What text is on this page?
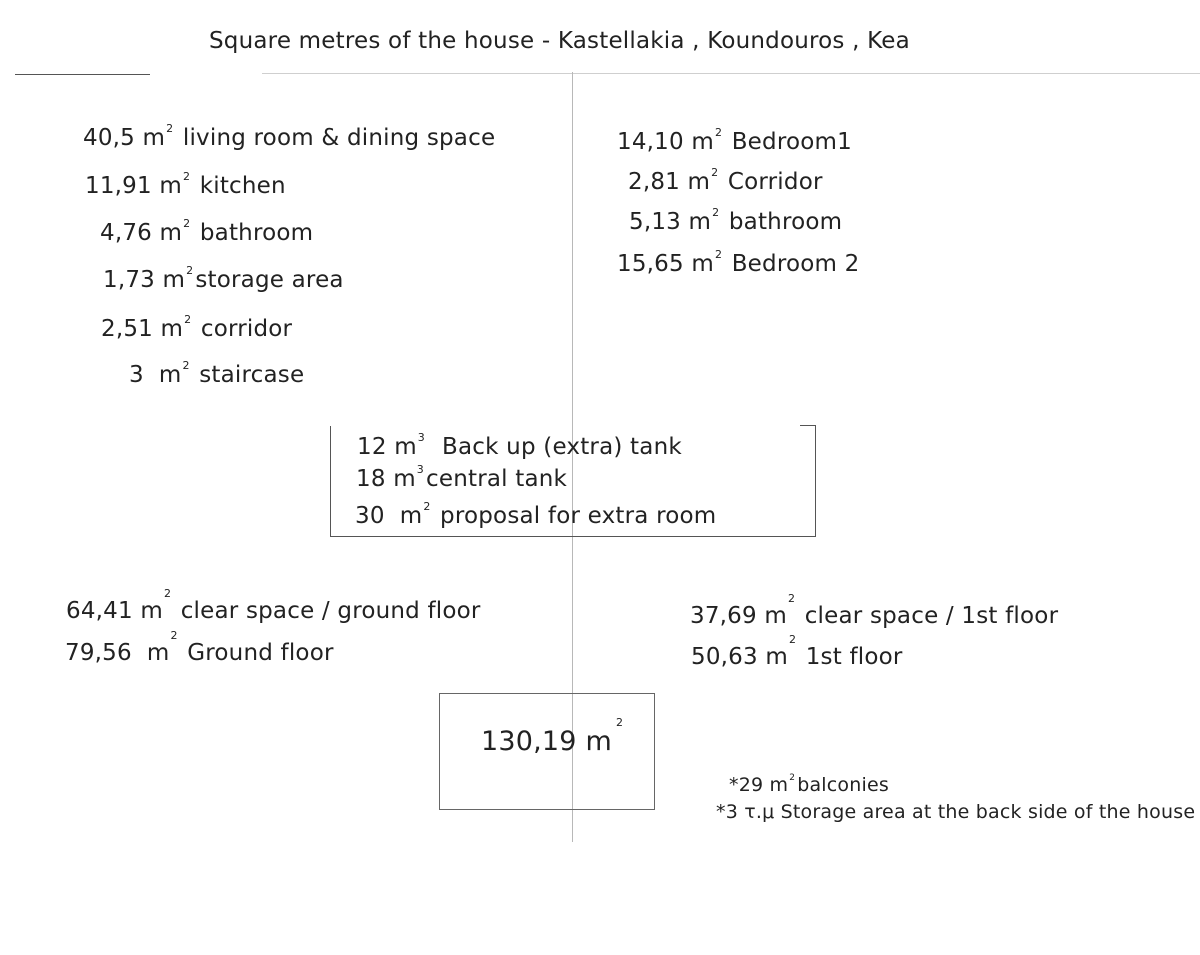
Square metres of the house - Kastellakia , Koundouros , Kea
40,5 $m^2$ living room & dining space
11,91 $m^2$ kitchen
4,76 $m^2$ bathroom
1,73 $m^2storage$ area
2,51 $m^2$ corridor
3 $m^2$ staircase
14,10 $m^2$ Bedroom1
2,81 $m^2$ Corridor
5,13 $m^2$ bathroom
15,65 $m^2$ Bedroom 2
12 $m^3$ Back up (extra) tank
18 $m^3central$ tank
30 $m^2$ proposal for extra room
64,41 $m^2$ clear space / ground floor
79,56 $m^2$ Ground floor
37,69 $m^2$ clear space / 1st floor
50,63 $m^2$ 1st floor
130,19 $m^2$
*29 $m^2$ balconies
*3 τ.μ Storage area at the back side of the house
